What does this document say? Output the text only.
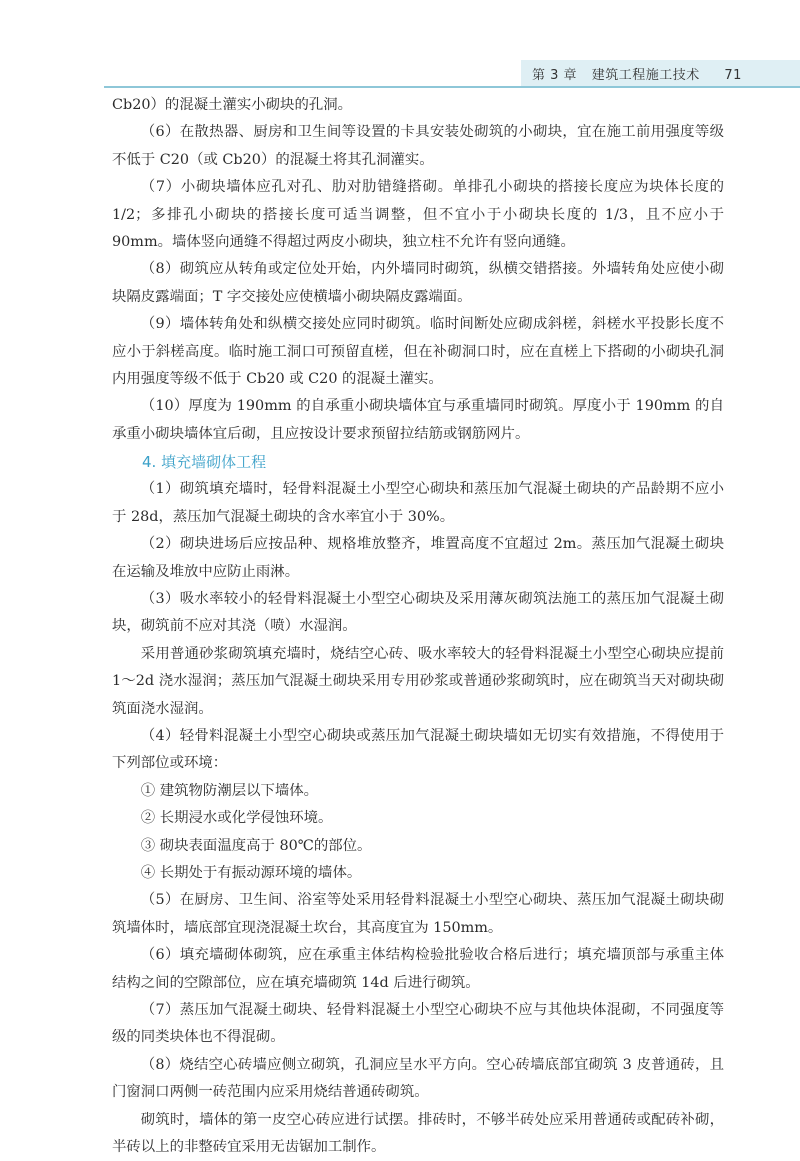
第 3 章 建筑工程施工技术 71

Cb20）的混凝土灌实小砌块的孔洞。

（6）在散热器、厨房和卫生间等设置的卡具安装处砌筑的小砌块，宜在施工前用强度等级不低于 C20（或 Cb20）的混凝土将其孔洞灌实。

（7）小砌块墙体应孔对孔、肋对肋错缝搭砌。单排孔小砌块的搭接长度应为块体长度的 1/2；多排孔小砌块的搭接长度可适当调整，但不宜小于小砌块长度的 1/3，且不应小于 90mm。墙体竖向通缝不得超过两皮小砌块，独立柱不允许有竖向通缝。

（8）砌筑应从转角或定位处开始，内外墙同时砌筑，纵横交错搭接。外墙转角处应使小砌块隔皮露端面；T 字交接处应使横墙小砌块隔皮露端面。

（9）墙体转角处和纵横交接处应同时砌筑。临时间断处应砌成斜槎，斜槎水平投影长度不应小于斜槎高度。临时施工洞口可预留直槎，但在补砌洞口时，应在直槎上下搭砌的小砌块孔洞内用强度等级不低于 Cb20 或 C20 的混凝土灌实。

（10）厚度为 190mm 的自承重小砌块墙体宜与承重墙同时砌筑。厚度小于 190mm 的自承重小砌块墙体宜后砌，且应按设计要求预留拉结筋或钢筋网片。

4. 填充墙砌体工程

（1）砌筑填充墙时，轻骨料混凝土小型空心砌块和蒸压加气混凝土砌块的产品龄期不应小于 28d，蒸压加气混凝土砌块的含水率宜小于 30%。

（2）砌块进场后应按品种、规格堆放整齐，堆置高度不宜超过 2m。蒸压加气混凝土砌块在运输及堆放中应防止雨淋。

（3）吸水率较小的轻骨料混凝土小型空心砌块及采用薄灰砌筑法施工的蒸压加气混凝土砌块，砌筑前不应对其浇（喷）水湿润。

采用普通砂浆砌筑填充墙时，烧结空心砖、吸水率较大的轻骨料混凝土小型空心砌块应提前 1～2d 浇水湿润；蒸压加气混凝土砌块采用专用砂浆或普通砂浆砌筑时，应在砌筑当天对砌块砌筑面浇水湿润。

（4）轻骨料混凝土小型空心砌块或蒸压加气混凝土砌块墙如无切实有效措施，不得使用于下列部位或环境：

① 建筑物防潮层以下墙体。

② 长期浸水或化学侵蚀环境。

③ 砌块表面温度高于 80℃的部位。

④ 长期处于有振动源环境的墙体。

（5）在厨房、卫生间、浴室等处采用轻骨料混凝土小型空心砌块、蒸压加气混凝土砌块砌筑墙体时，墙底部宜现浇混凝土坎台，其高度宜为 150mm。

（6）填充墙砌体砌筑，应在承重主体结构检验批验收合格后进行；填充墙顶部与承重主体结构之间的空隙部位，应在填充墙砌筑 14d 后进行砌筑。

（7）蒸压加气混凝土砌块、轻骨料混凝土小型空心砌块不应与其他块体混砌，不同强度等级的同类块体也不得混砌。

（8）烧结空心砖墙应侧立砌筑，孔洞应呈水平方向。空心砖墙底部宜砌筑 3 皮普通砖，且门窗洞口两侧一砖范围内应采用烧结普通砖砌筑。

砌筑时，墙体的第一皮空心砖应进行试摆。排砖时，不够半砖处应采用普通砖或配砖补砌，半砖以上的非整砖宜采用无齿锯加工制作。
